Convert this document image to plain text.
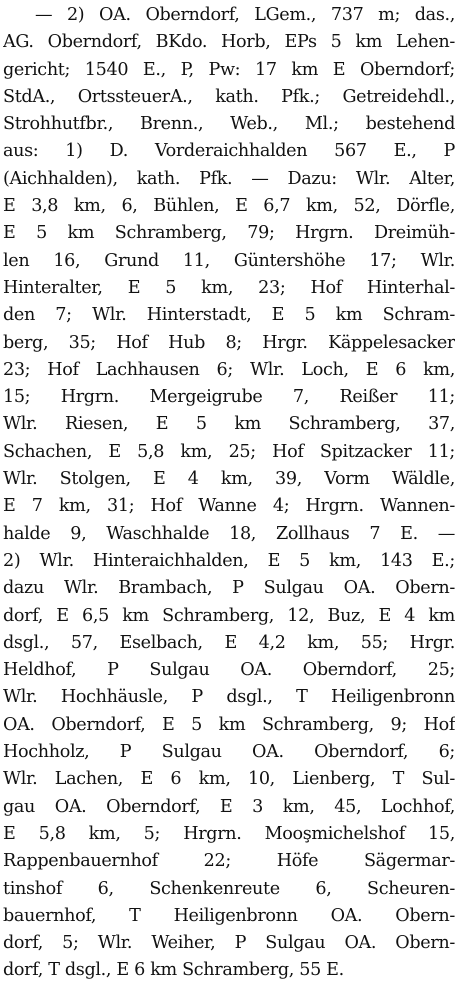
— 2) OA. Oberndorf, LGem., 737 m; das.,
AG. Oberndorf, BKdo. Horb, EPs 5 km Lehen-
gericht; 1540 E., P, Pw: 17 km E Oberndorf;
StdA., OrtssteuerA., kath. Pfk.; Getreidehdl.,
Strohhutfbr., Brenn., Web., Ml.; bestehend
aus: 1) D. Vorderaichhalden 567 E., P
(Aichhalden), kath. Pfk. — Dazu: Wlr. Alter,
E 3,8 km, 6, Bühlen, E 6,7 km, 52, Dörfle,
E 5 km Schramberg, 79; Hrgrn. Dreimüh-
len 16, Grund 11, Güntershöhe 17; Wlr.
Hinteralter, E 5 km, 23; Hof Hinterhal-
den 7; Wlr. Hinterstadt, E 5 km Schram-
berg, 35; Hof Hub 8; Hrgr. Käppelesacker
23; Hof Lachhausen 6; Wlr. Loch, E 6 km,
15; Hrgrn. Mergeigrube 7, Reißer 11;
Wlr. Riesen, E 5 km Schramberg, 37,
Schachen, E 5,8 km, 25; Hof Spitzacker 11;
Wlr. Stolgen, E 4 km, 39, Vorm Wäldle,
E 7 km, 31; Hof Wanne 4; Hrgrn. Wannen-
halde 9, Waschhalde 18, Zollhaus 7 E. —
2) Wlr. Hinteraichhalden, E 5 km, 143 E.;
dazu Wlr. Brambach, P Sulgau OA. Obern-
dorf, E 6,5 km Schramberg, 12, Buz, E 4 km
dsgl., 57, Eselbach, E 4,2 km, 55; Hrgr.
Heldhof, P Sulgau OA. Oberndorf, 25;
Wlr. Hochhäusle, P dsgl., T Heiligenbronn
OA. Oberndorf, E 5 km Schramberg, 9; Hof
Hochholz, P Sulgau OA. Oberndorf, 6;
Wlr. Lachen, E 6 km, 10, Lienberg, T Sul-
gau OA. Oberndorf, E 3 km, 45, Lochhof,
E 5,8 km, 5; Hrgrn. Mooşmichelshof 15,
Rappenbauernhof 22; Höfe Sägermar-
tinshof 6, Schenkenreute 6, Scheuren-
bauernhof, T Heiligenbronn OA. Obern-
dorf, 5; Wlr. Weiher, P Sulgau OA. Obern-
dorf, T dsgl., E 6 km Schramberg, 55 E.
